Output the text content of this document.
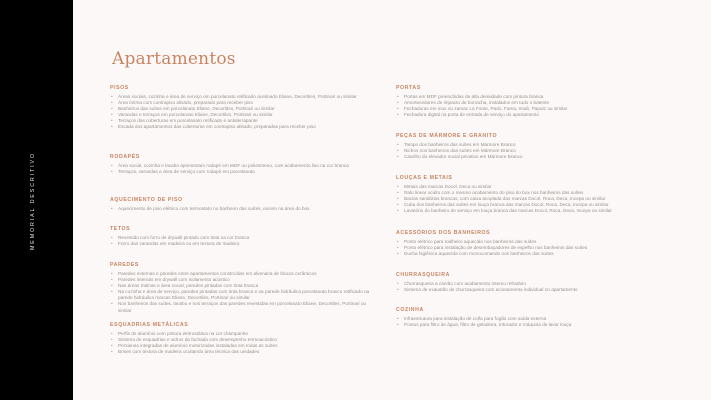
MEMORIAL DESCRITIVO
Apartamentos
PISOS
• Áreas sociais, cozinha e área de serviço em porcelanato retificado acetinado Eliane, Decortiles, Portinari ou similar
• Área íntima com contrapiso alisado, preparado para receber piso
• Banheiros das suítes em porcelanato Eliane, Decortiles, Portinari ou similar
• Varandas e terraços em porcelanato Eliane, Decortiles, Portinari ou similar
• Terraços das coberturas em porcelanato retificado e antiderrapante
• Escada dos apartamentos das coberturas em contrapiso alisado, preparadas para receber piso
RODAPÉS
• Área social, cozinha e lavabo apresentam rodapé em MDF ou poliestireno, com acabamento liso na cor branca
• Terraços, varandas e área de serviço com rodapé em porcelanato
AQUECIMENTO DE PISO
• Aquecimento de piso elétrico com termostato no banheiro das suítes, exceto na área do box
TETOS
• Revestido com forro de drywall pintado com tinta na cor branca
• Forro das varandas em madeira ou em textura de madeira
PAREDES
• Paredes externas e paredes entre apartamentos construídas em alvenaria de blocos cerâmicos
• Paredes internas em drywall com isolamento acústico
• Nas áreas íntimas e área social, paredes pintadas com tinta branca
• Na cozinha e área de serviço, paredes pintadas com tinta branca e na parede hidráulica porcelanato branco retificado na parede hidráulica marcas Eliane, Decortiles, Portinari ou similar
• Nos banheiros das suítes, lavabo e nos terraços das paredes revestidas em porcelanato Eliane, Decortiles, Portinari ou similar
ESQUADRIAS METÁLICAS
• Perfis de alumínio com pintura eletrostática na cor champanhe
• Sistema de esquadrias e vidros da fachada com desempenho termoacústico
• Persianas integradas de alumínio motorizadas instaladas em todas as suítes
• Brises com textura de madeira ocultando área técnica das unidades
PORTAS
• Portas em MDF preenchidas de alta densidade com pintura branca
• Amortecedores de impacto de borracha, instalados em todo o batente
• Fechaduras em inox ou zamac La Fonte, Pado, Fama, Imab, Papaiz ou similar
• Fechadura digital na porta de entrada de serviço do apartamento
PEÇAS DE MÁRMORE E GRANITO
• Tampo dos banheiros das suítes em Mármore Branco
• Nichos nos banheiros das suítes em Mármore Branco
• Caixilho do elevador social privativo em Mármore Branco
LOUÇAS E METAIS
• Metais das marcas Docol, Deca ou similar
• Ralo linear oculto com o mesmo acabamento do piso do box nos banheiros das suítes
• Bacias sanitárias brancas, com caixa acoplada das marcas Docol, Roca, Deca, Incepa ou similar
• Cuba dos banheiros das suítes em louça branca das marcas Docol, Roca, Deca, Incepa ou similar
• Lavatório do banheiro de serviço em louça branca das marcas Docol, Roca, Deca, Incepa ou similar
ACESSÓRIOS DOS BANHEIROS
• Ponto elétrico para toalheiro aquecido nos banheiros das suítes
• Ponto elétrico para instalação de desembaçadores de espelho nos banheiros das suítes
• Ducha higiênica aquecida com monocomando nos banheiros das suítes
CHURRASQUEIRA
• Churrasqueira a carvão com acabamento interno refratário
• Sistema de exaustão de churrasqueira com acionamento individual no apartamento
COZINHA
• Infraestrutura para instalação de coifa para fogão com saída externa
• Pontos para filtro de água, filtro de geladeira, triturador e máquina de lavar louça
